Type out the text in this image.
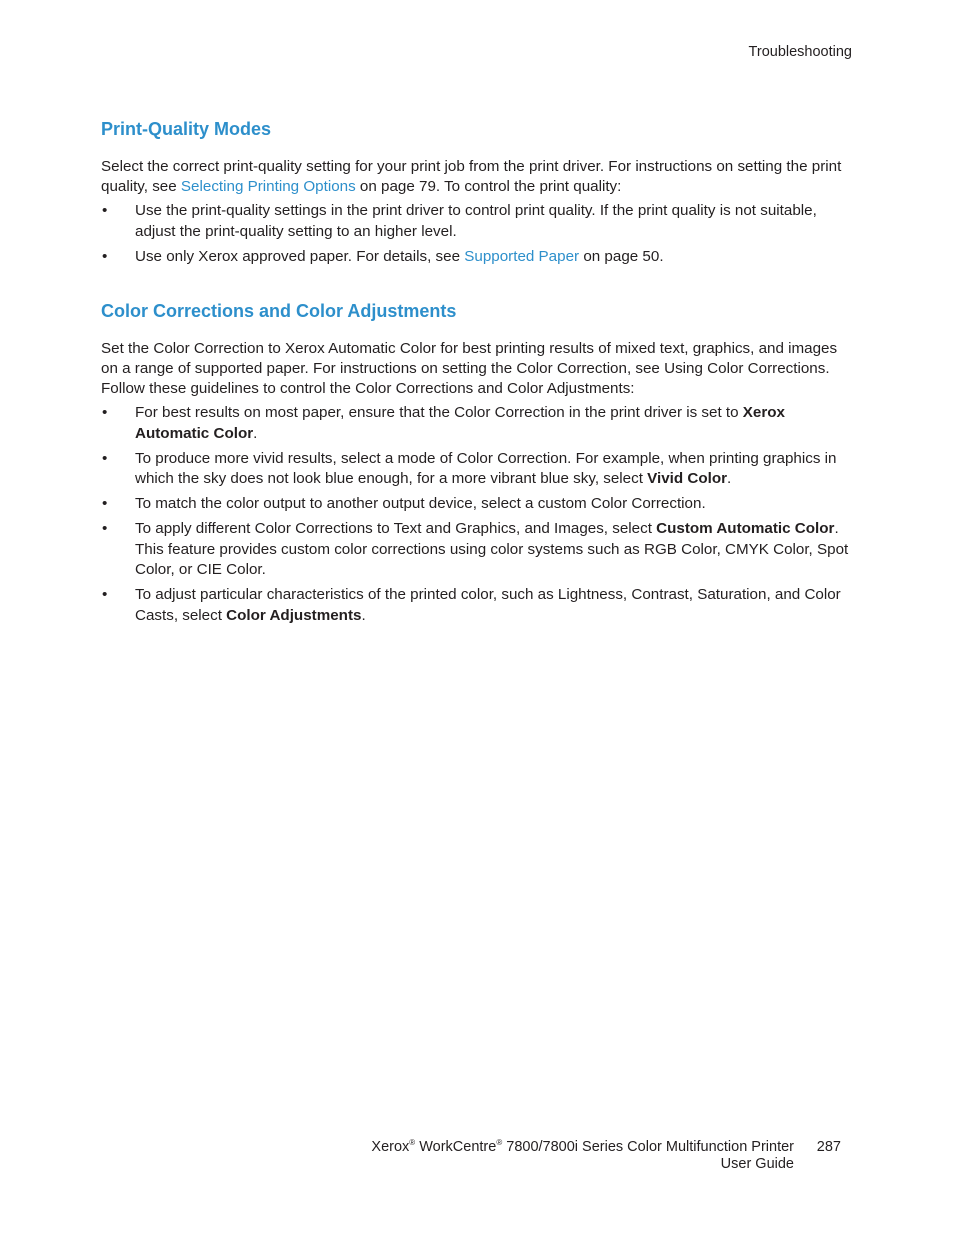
Troubleshooting
Print-Quality Modes

Select the correct print-quality setting for your print job from the print driver. For instructions on setting the print quality, see Selecting Printing Options on page 79. To control the print quality:

• Use the print-quality settings in the print driver to control print quality. If the print quality is not suitable, adjust the print-quality setting to an higher level.
• Use only Xerox approved paper. For details, see Supported Paper on page 50.
Color Corrections and Color Adjustments

Set the Color Correction to Xerox Automatic Color for best printing results of mixed text, graphics, and images on a range of supported paper. For instructions on setting the Color Correction, see Using Color Corrections. Follow these guidelines to control the Color Corrections and Color Adjustments:

• For best results on most paper, ensure that the Color Correction in the print driver is set to Xerox Automatic Color.
• To produce more vivid results, select a mode of Color Correction. For example, when printing graphics in which the sky does not look blue enough, for a more vibrant blue sky, select Vivid Color.
• To match the color output to another output device, select a custom Color Correction.
• To apply different Color Corrections to Text and Graphics, and Images, select Custom Automatic Color. This feature provides custom color corrections using color systems such as RGB Color, CMYK Color, Spot Color, or CIE Color.
• To adjust particular characteristics of the printed color, such as Lightness, Contrast, Saturation, and Color Casts, select Color Adjustments.
Xerox® WorkCentre® 7800/7800i Series Color Multifunction Printer
User Guide
287
